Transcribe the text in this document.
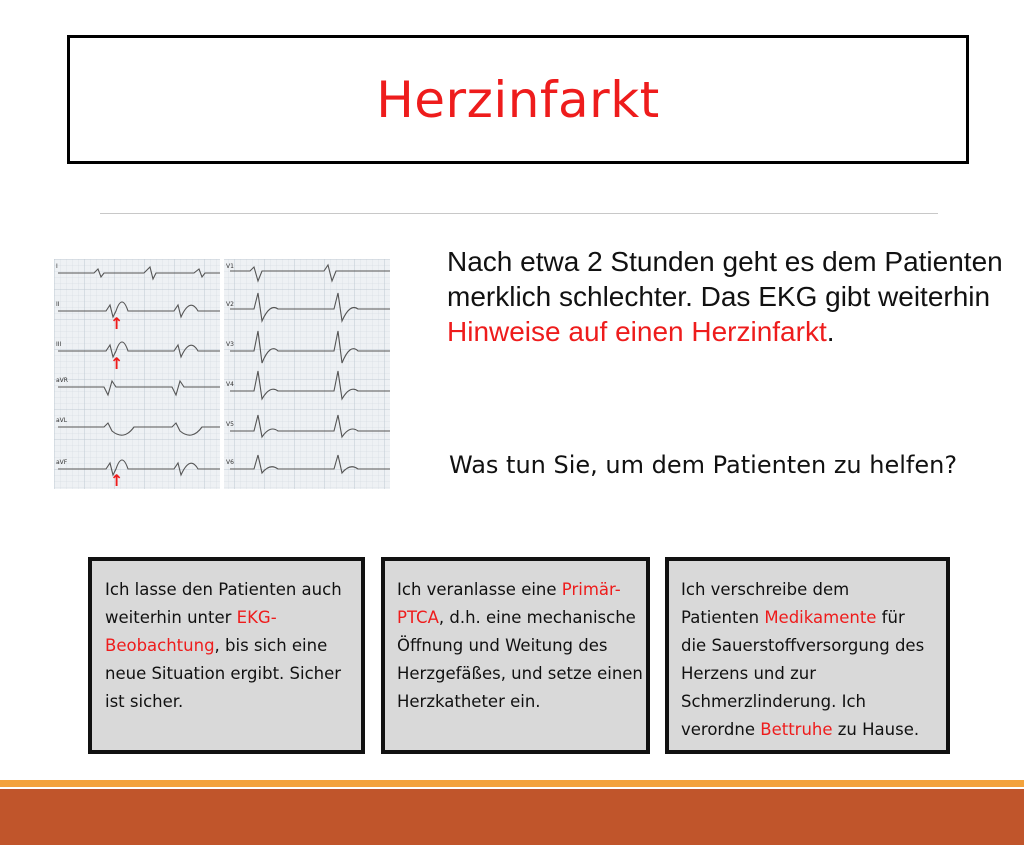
Herzinfarkt
I
II
III
aVR
aVL
aVF
V1
V2
V3
V4
V5
V6
↑
↑
↑
Nach etwa 2 Stunden geht es dem Patienten merklich schlechter. Das EKG gibt weiterhin Hinweise auf einen Herzinfarkt.
Was tun Sie, um dem Patienten zu helfen?
Ich lasse den Patienten auch weiterhin unter EKG-Beobachtung, bis sich eine neue Situation ergibt. Sicher ist sicher.
Ich veranlasse eine Primär-PTCA, d.h. eine mechanische Öffnung und Weitung des Herzgefäßes, und setze einen Herzkatheter ein.
Ich verschreibe dem
Patienten Medikamente für
die Sauerstoffversorgung des
Herzens und zur
Schmerzlinderung. Ich
verordne Bettruhe zu Hause.
